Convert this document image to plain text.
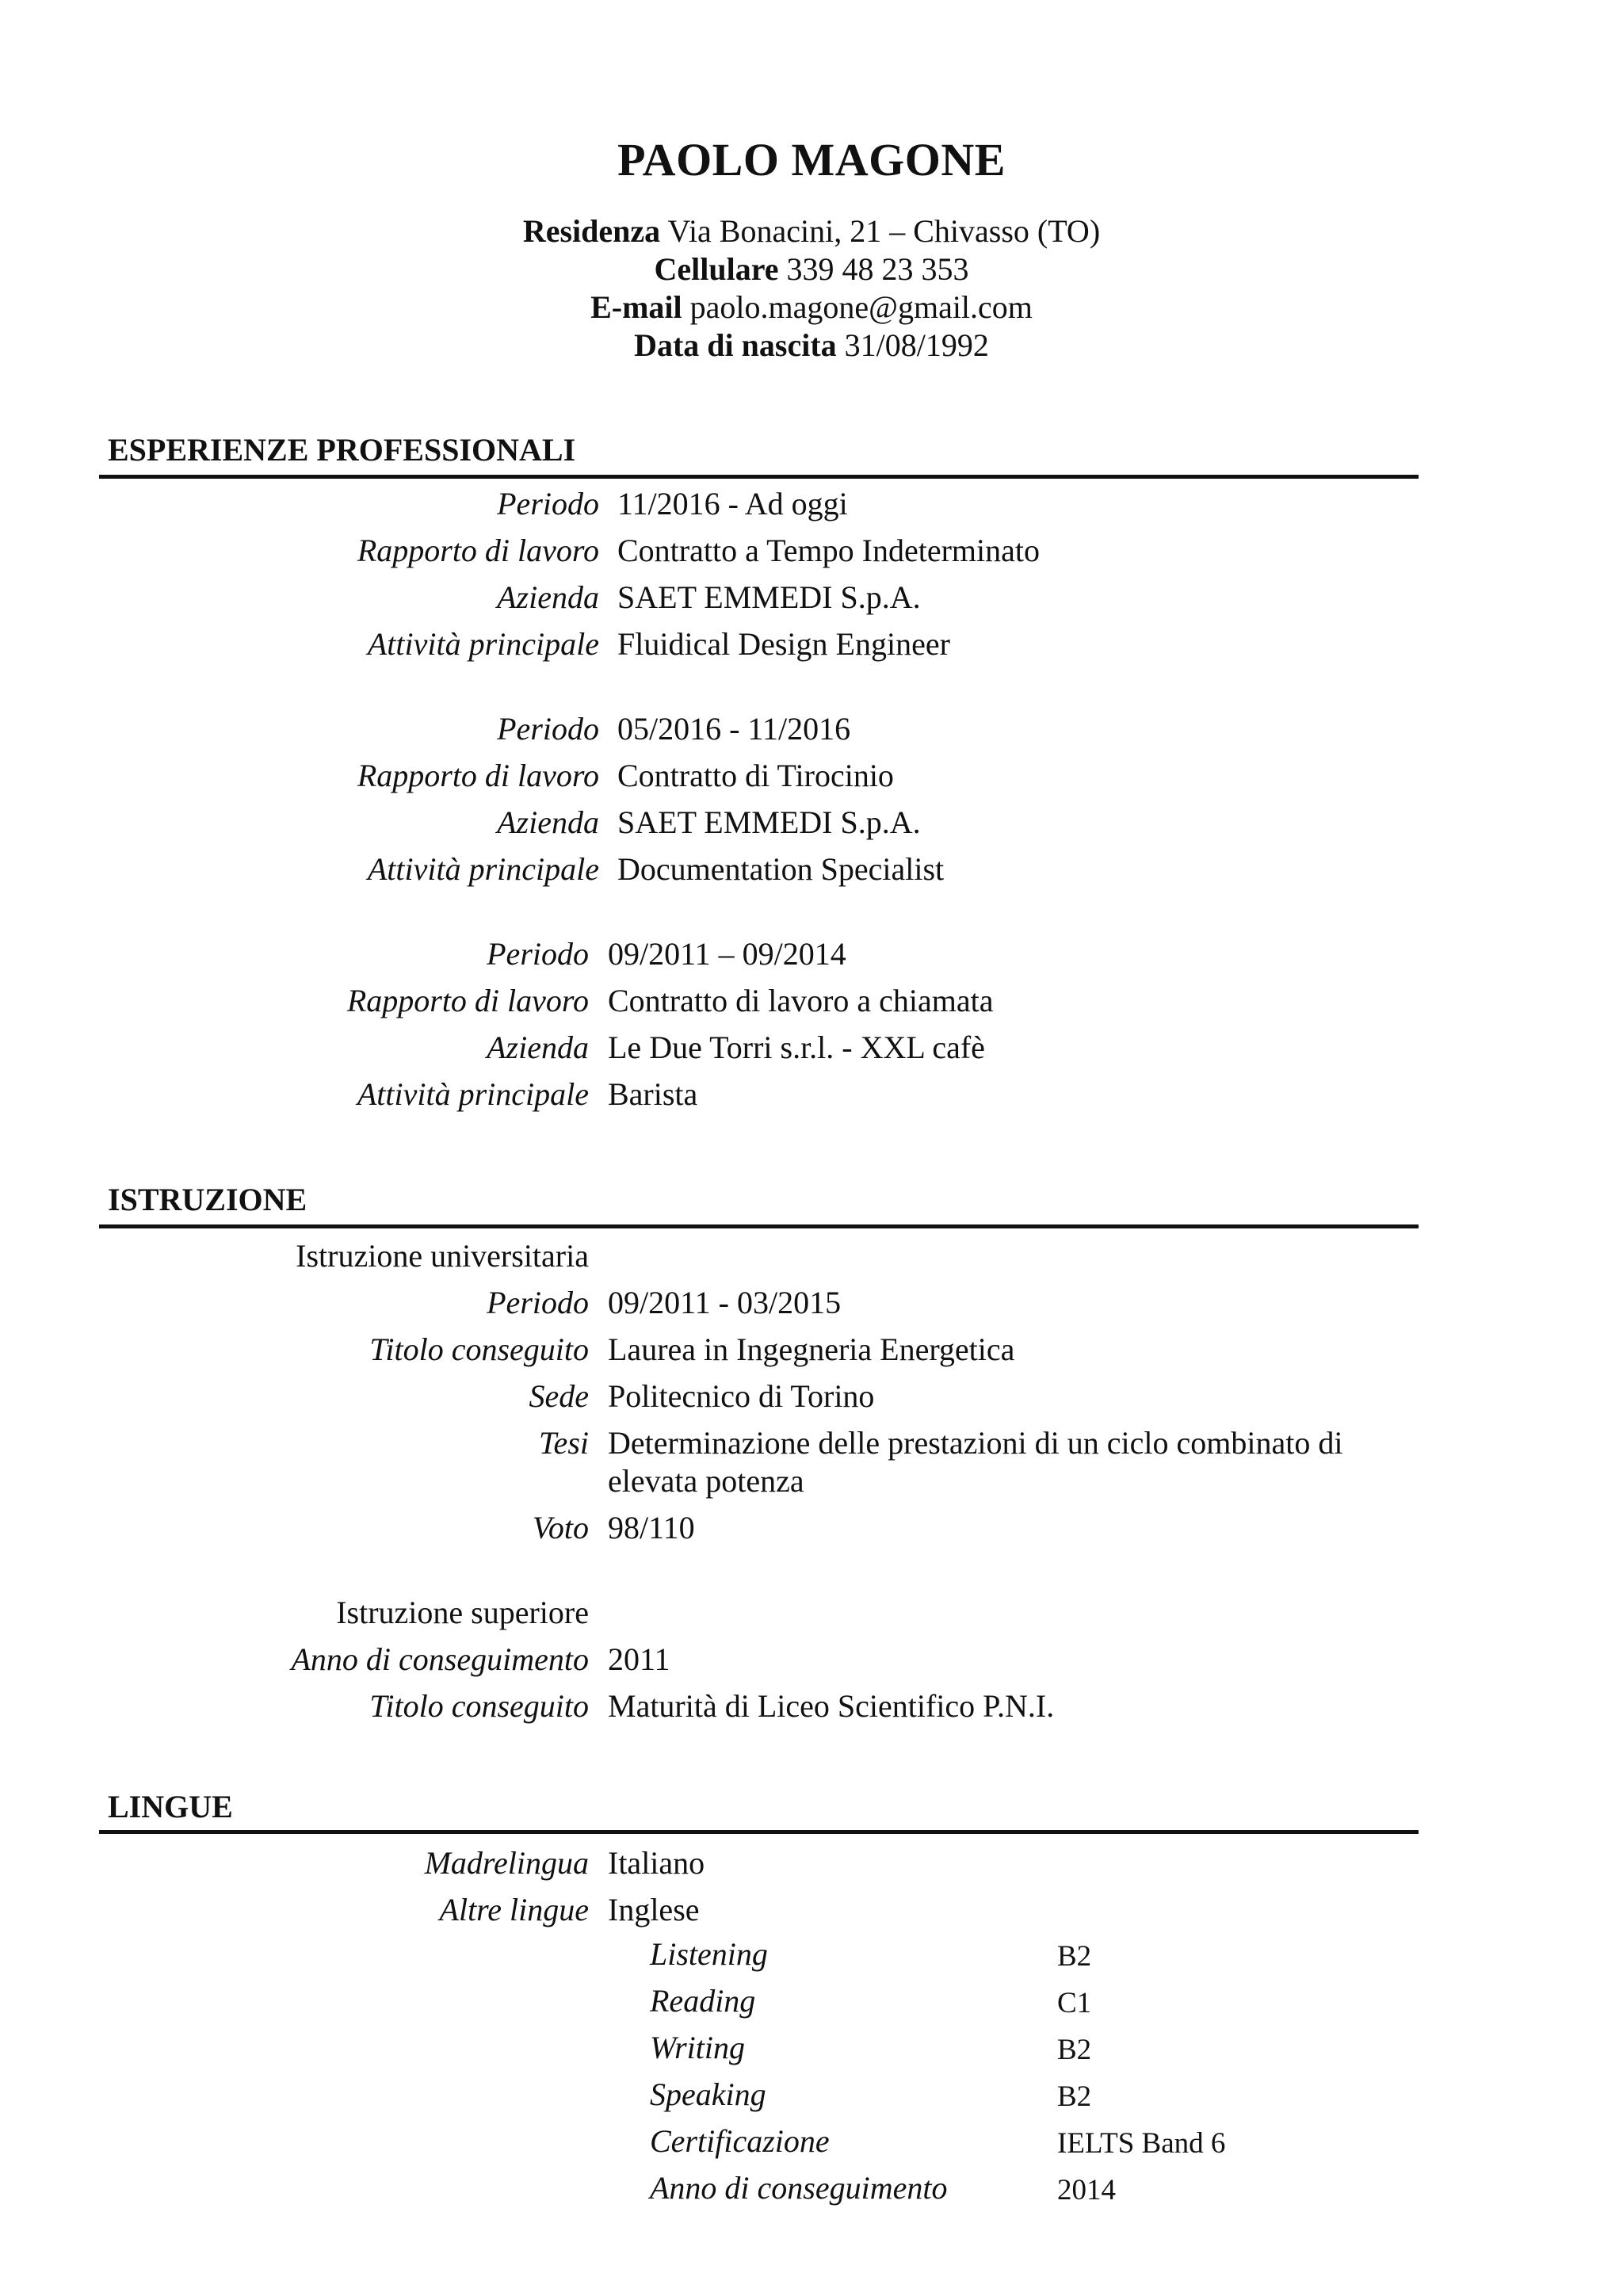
PAOLO MAGONE
Residenza Via Bonacini, 21 – Chivasso (TO)
Cellulare 339 48 23 353
E-mail paolo.magone@gmail.com
Data di nascita 31/08/1992
ESPERIENZE PROFESSIONALI
Periodo 11/2016 - Ad oggi
Rapporto di lavoro Contratto a Tempo Indeterminato
Azienda SAET EMMEDI S.p.A.
Attività principale Fluidical Design Engineer
Periodo 05/2016 - 11/2016
Rapporto di lavoro Contratto di Tirocinio
Azienda SAET EMMEDI S.p.A.
Attività principale Documentation Specialist
Periodo 09/2011 – 09/2014
Rapporto di lavoro Contratto di lavoro a chiamata
Azienda Le Due Torri s.r.l. - XXL cafè
Attività principale Barista
ISTRUZIONE
Istruzione universitaria
Periodo 09/2011 - 03/2015
Titolo conseguito Laurea in Ingegneria Energetica
Sede Politecnico di Torino
Tesi Determinazione delle prestazioni di un ciclo combinato di
elevata potenza
Voto 98/110
Istruzione superiore
Anno di conseguimento 2011
Titolo conseguito Maturità di Liceo Scientifico P.N.I.
LINGUE
Madrelingua Italiano
Altre lingue Inglese
Listening	B2
Reading	C1
Writing	B2
Speaking	B2
Certificazione	IELTS Band 6
Anno di conseguimento	2014
